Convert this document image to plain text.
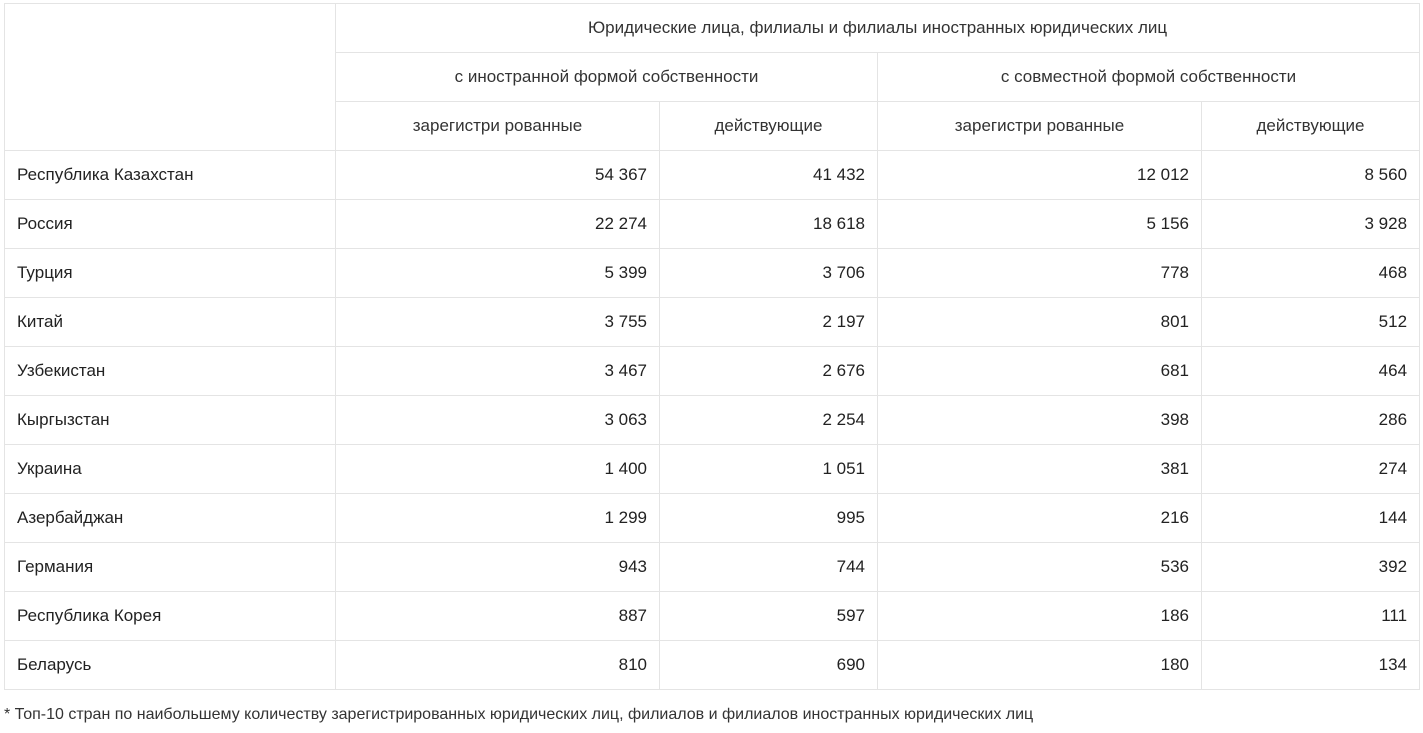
	Юридические лица, филиалы и филиалы иностранных юридических лиц			
	с иностранной формой собственности		с совместной формой собственности	
	зарегистри рованные	действующие	зарегистри рованные	действующие
Республика Казахстан	54 367	41 432	12 012	8 560
Россия	22 274	18 618	5 156	3 928
Турция	5 399	3 706	778	468
Китай	3 755	2 197	801	512
Узбекистан	3 467	2 676	681	464
Кыргызстан	3 063	2 254	398	286
Украина	1 400	1 051	381	274
Азербайджан	1 299	995	216	144
Германия	943	744	536	392
Республика Корея	887	597	186	111
Беларусь	810	690	180	134
* Топ-10 стран по наибольшему количеству зарегистрированных юридических лиц, филиалов и филиалов иностранных юридических лиц
